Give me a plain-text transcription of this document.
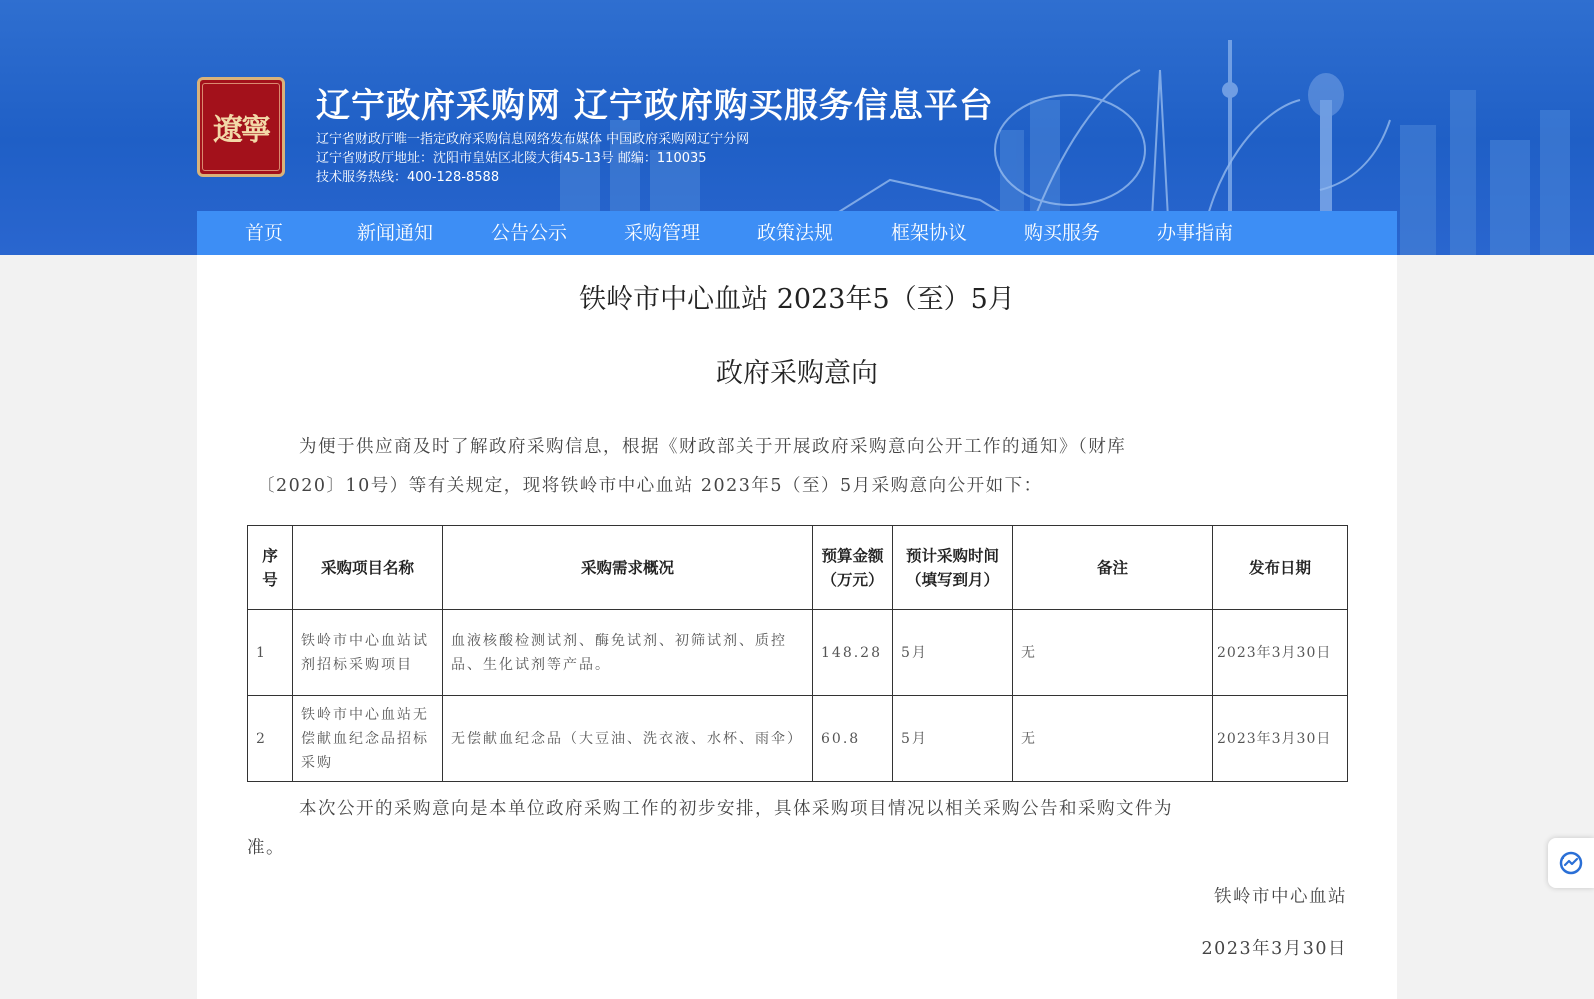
遼寧
辽宁政府采购网 辽宁政府购买服务信息平台
辽宁省财政厅唯一指定政府采购信息网络发布媒体 中国政府采购网辽宁分网
辽宁省财政厅地址：沈阳市皇姑区北陵大街45-13号 邮编：110035
技术服务热线：400-128-8588
首页	新闻通知	公告公示	采购管理	政策法规	框架协议	购买服务	办事指南
铁岭市中心血站 2023年5（至）5月
政府采购意向

为便于供应商及时了解政府采购信息，根据《财政部关于开展政府采购意向公开工作的通知》（财库

〔2020〕10号）等有关规定，现将铁岭市中心血站 2023年5（至）5月采购意向公开如下：

序号	采购项目名称	采购需求概况	预算金额（万元）	预计采购时间（填写到月）	备注	发布日期
1	铁岭市中心血站试剂招标采购项目	血液核酸检测试剂、酶免试剂、初筛试剂、质控品、生化试剂等产品。	148.28	5月	无	2023年3月30日
2	铁岭市中心血站无偿献血纪念品招标采购	无偿献血纪念品（大豆油、洗衣液、水杯、雨伞）	60.8	5月	无	2023年3月30日

本次公开的采购意向是本单位政府采购工作的初步安排，具体采购项目情况以相关采购公告和采购文件为

准。

铁岭市中心血站
2023年3月30日
